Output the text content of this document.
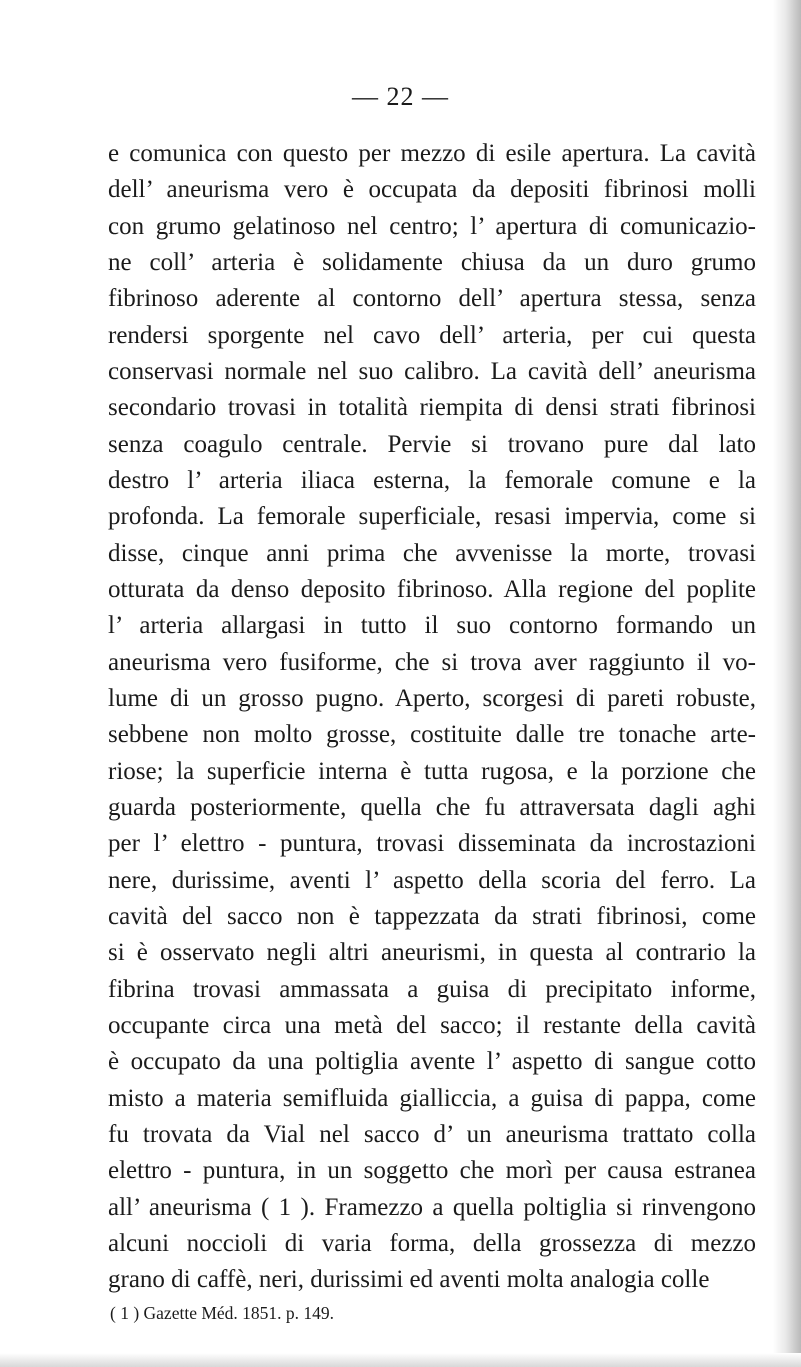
— 22 —
e comunica con questo per mezzo di esile apertura. La cavità
dell’ aneurisma vero è occupata da depositi fibrinosi molli
con grumo gelatinoso nel centro; l’ apertura di comunicazio-
ne coll’ arteria è solidamente chiusa da un duro grumo
fibrinoso aderente al contorno dell’ apertura stessa, senza
rendersi sporgente nel cavo dell’ arteria, per cui questa
conservasi normale nel suo calibro. La cavità dell’ aneurisma
secondario trovasi in totalità riempita di densi strati fibrinosi
senza coagulo centrale. Pervie si trovano pure dal lato
destro l’ arteria iliaca esterna, la femorale comune e la
profonda. La femorale superficiale, resasi impervia, come si
disse, cinque anni prima che avvenisse la morte, trovasi
otturata da denso deposito fibrinoso. Alla regione del poplite
l’ arteria allargasi in tutto il suo contorno formando un
aneurisma vero fusiforme, che si trova aver raggiunto il vo-
lume di un grosso pugno. Aperto, scorgesi di pareti robuste,
sebbene non molto grosse, costituite dalle tre tonache arte-
riose; la superficie interna è tutta rugosa, e la porzione che
guarda posteriormente, quella che fu attraversata dagli aghi
per l’ elettro - puntura, trovasi disseminata da incrostazioni
nere, durissime, aventi l’ aspetto della scoria del ferro. La
cavità del sacco non è tappezzata da strati fibrinosi, come
si è osservato negli altri aneurismi, in questa al contrario la
fibrina trovasi ammassata a guisa di precipitato informe,
occupante circa una metà del sacco; il restante della cavità
è occupato da una poltiglia avente l’ aspetto di sangue cotto
misto a materia semifluida gialliccia, a guisa di pappa, come
fu trovata da Vial nel sacco d’ un aneurisma trattato colla
elettro - puntura, in un soggetto che morì per causa estranea
all’ aneurisma ( 1 ). Framezzo a quella poltiglia si rinvengono
alcuni noccioli di varia forma, della grossezza di mezzo
grano di caffè, neri, durissimi ed aventi molta analogia colle
( 1 ) Gazette Méd. 1851. p. 149.
